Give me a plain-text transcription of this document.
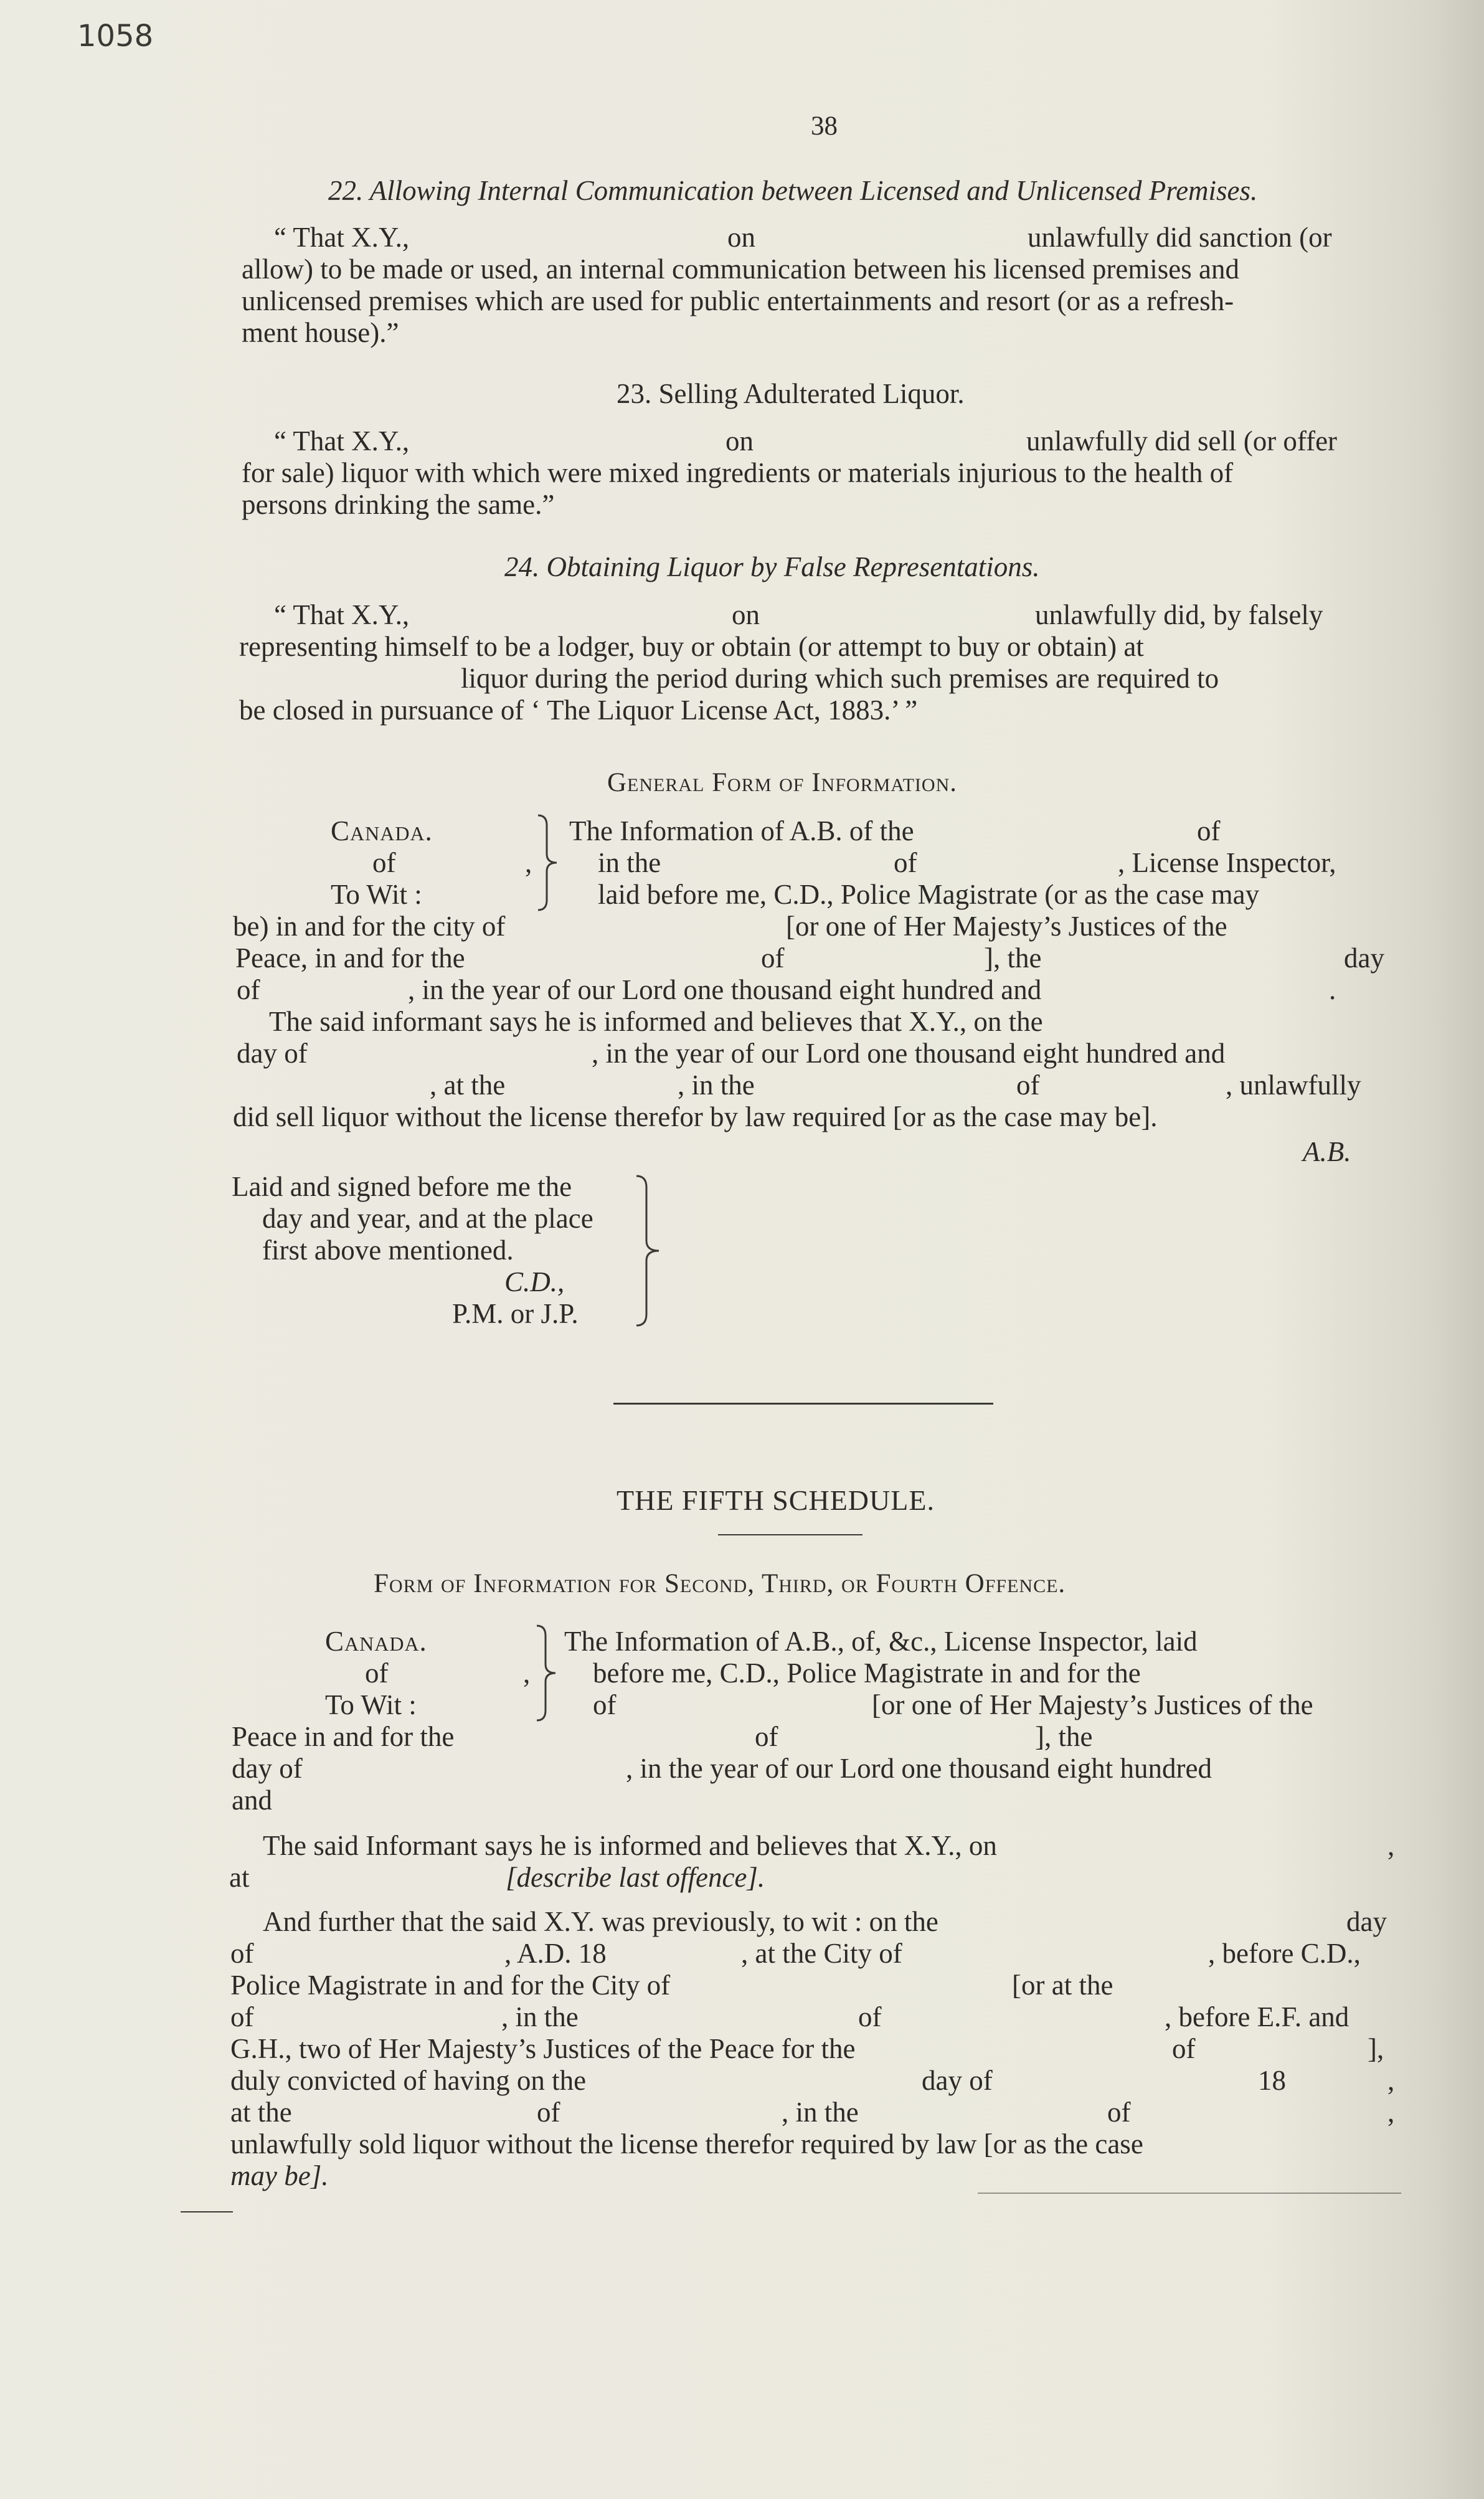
1058
38
22. Allowing Internal Communication between Licensed and Unlicensed Premises.
“ That X.Y.,	on	unlawfully did sanction (or
allow) to be made or used, an internal communication between his licensed premises and
unlicensed premises which are used for public entertainments and resort (or as a refresh-
ment house).”
23. Selling Adulterated Liquor.
“ That X.Y.,	on	unlawfully did sell (or offer
for sale) liquor with which were mixed ingredients or materials injurious to the health of
persons drinking the same.”
24. Obtaining Liquor by False Representations.
“ That X.Y.,	on	unlawfully did, by falsely
representing himself to be a lodger, buy or obtain (or attempt to buy or obtain) at
liquor during the period during which such premises are required to
be closed in pursuance of ‘ The Liquor License Act, 1883.’ ”
General Form of Information.
Canada.
of	,
To Wit :
The Information of A.B. of the	of
in the	of	, License Inspector,
laid before me, C.D., Police Magistrate (or as the case may
be) in and for the city of	[or one of Her Majesty’s Justices of the
Peace, in and for the	of	], the	day
of	, in the year of our Lord one thousand eight hundred and	.
The said informant says he is informed and believes that X.Y., on the
day of	, in the year of our Lord one thousand eight hundred and
, at the	, in the	of	, unlawfully
did sell liquor without the license therefor by law required [or as the case may be].
A.B.
Laid and signed before me the
day and year, and at the place
first above mentioned.
C.D.,
P.M. or J.P.
THE FIFTH SCHEDULE.
Form of Information for Second, Third, or Fourth Offence.
Canada.
of	,
To Wit :
The Information of A.B., of, &c., License Inspector, laid
before me, C.D., Police Magistrate in and for the
of	[or one of Her Majesty’s Justices of the
Peace in and for the	of	], the
day of	, in the year of our Lord one thousand eight hundred
and
The said Informant says he is informed and believes that X.Y., on	,
at	[describe last offence].
And further that the said X.Y. was previously, to wit : on the	day
of	, A.D. 18	, at the City of	, before C.D.,
Police Magistrate in and for the City of	[or at the
of	, in the	of	, before E.F. and
G.H., two of Her Majesty’s Justices of the Peace for the	of	],
duly convicted of having on the	day of	18	,
at the	of	, in the	of	,
unlawfully sold liquor without the license therefor required by law [or as the case
may be].
